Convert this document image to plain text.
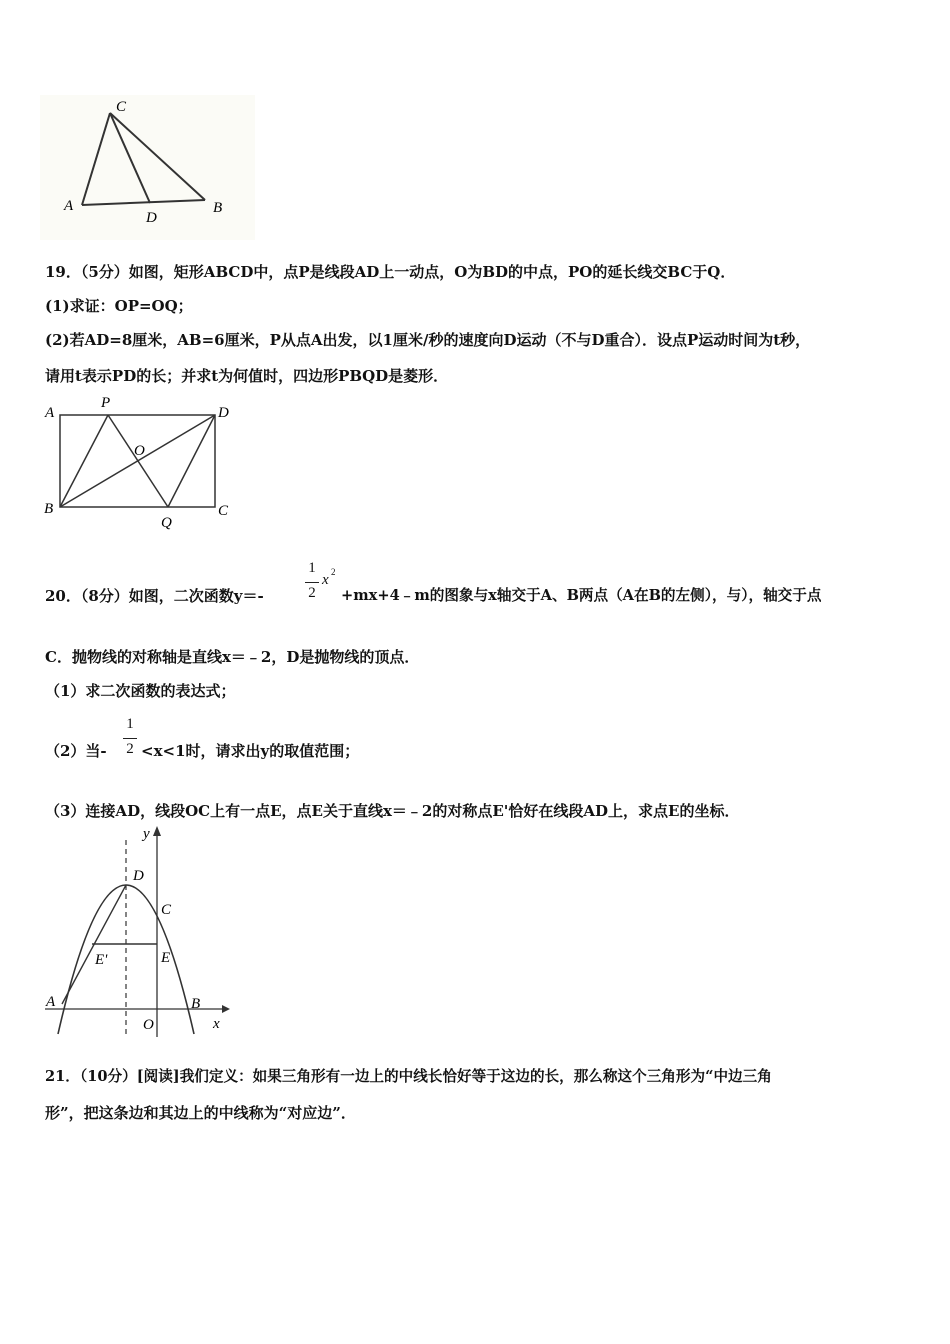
C
A
D
B
19．（5分）如图，矩形ABCD中，点P是线段AD上一动点，O为BD的中点，PO的延长线交BC于Q．
(1)求证：OP=OQ；
(2)若AD=8厘米，AB=6厘米，P从点A出发，以1厘米/秒的速度向D运动（不与D重合）．设点P运动时间为t秒，
请用t表示PD的长；并求t为何值时，四边形PBQD是菱形．
A
P
D
O
B
Q
C
20．（8分）如图，二次函数y＝-
1
2
x 2
+mx+4﹣m的图象与x轴交于A、B两点（A在B的左侧），与），轴交于点
C．抛物线的对称轴是直线x＝﹣2，D是抛物线的顶点．
（1）求二次函数的表达式；
（2）当-
1
2 <x<1时，请求出y的取值范围；
（3）连接AD，线段OC上有一点E，点E关于直线x＝﹣2的对称点E'恰好在线段AD上，求点E的坐标．
y
D
C
E'	E
A	B
O	x
21．（10分）[阅读]我们定义：如果三角形有一边上的中线长恰好等于这边的长，那么称这个三角形为“中边三角
形”，把这条边和其边上的中线称为“对应边”．
